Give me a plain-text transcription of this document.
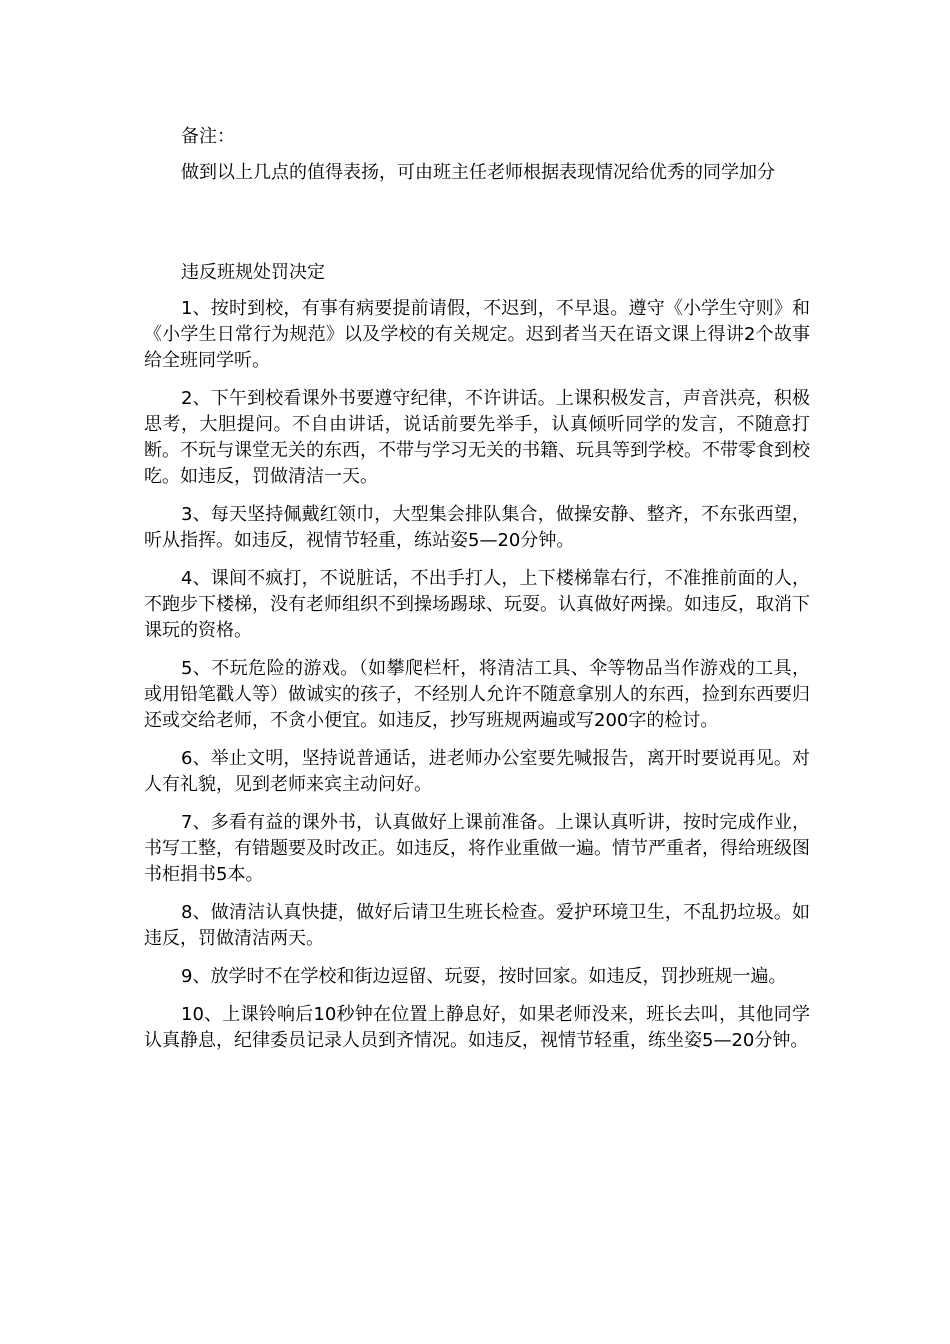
备注：

做到以上几点的值得表扬，可由班主任老师根据表现情况给优秀的同学加分

违反班规处罚决定

1、按时到校，有事有病要提前请假，不迟到，不早退。遵守《小学生守则》和《小学生日常行为规范》以及学校的有关规定。迟到者当天在语文课上得讲2个故事给全班同学听。

2、下午到校看课外书要遵守纪律，不许讲话。上课积极发言，声音洪亮，积极思考，大胆提问。不自由讲话，说话前要先举手，认真倾听同学的发言，不随意打断。不玩与课堂无关的东西，不带与学习无关的书籍、玩具等到学校。不带零食到校吃。如违反，罚做清洁一天。

3、每天坚持佩戴红领巾，大型集会排队集合，做操安静、整齐，不东张西望，听从指挥。如违反，视情节轻重，练站姿5—20分钟。

4、课间不疯打，不说脏话，不出手打人，上下楼梯靠右行，不准推前面的人，不跑步下楼梯，没有老师组织不到操场踢球、玩耍。认真做好两操。如违反，取消下课玩的资格。

5、不玩危险的游戏。（如攀爬栏杆，将清洁工具、伞等物品当作游戏的工具，或用铅笔戳人等）做诚实的孩子，不经别人允许不随意拿别人的东西，捡到东西要归还或交给老师，不贪小便宜。如违反，抄写班规两遍或写200字的检讨。

6、举止文明，坚持说普通话，进老师办公室要先喊报告，离开时要说再见。对人有礼貌，见到老师来宾主动问好。

7、多看有益的课外书，认真做好上课前准备。上课认真听讲，按时完成作业，书写工整，有错题要及时改正。如违反，将作业重做一遍。情节严重者，得给班级图书柜捐书5本。

8、做清洁认真快捷，做好后请卫生班长检查。爱护环境卫生，不乱扔垃圾。如违反，罚做清洁两天。

9、放学时不在学校和街边逗留、玩耍，按时回家。如违反，罚抄班规一遍。

10、上课铃响后10秒钟在位置上静息好，如果老师没来，班长去叫，其他同学认真静息，纪律委员记录人员到齐情况。如违反，视情节轻重，练坐姿5—20分钟。
